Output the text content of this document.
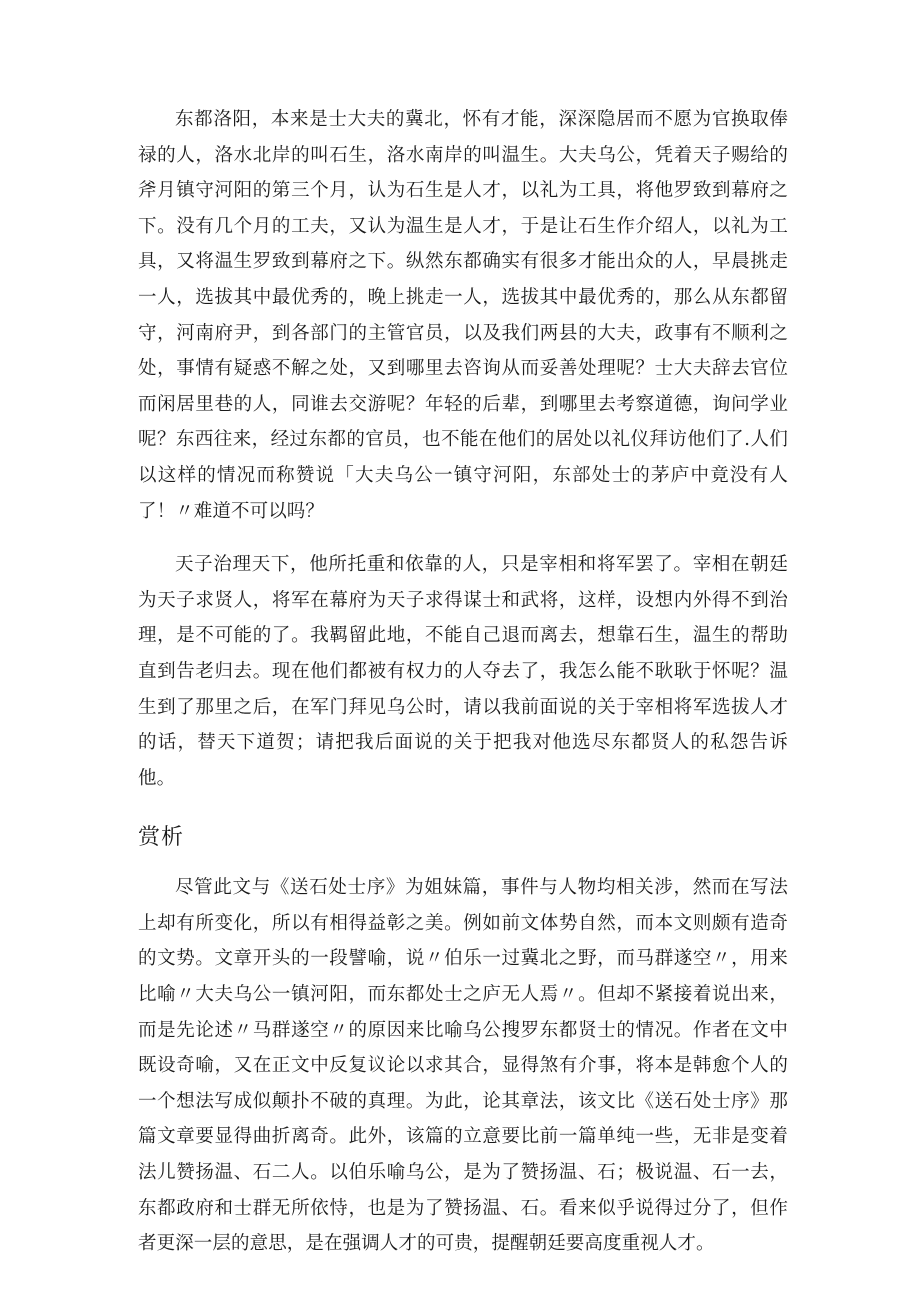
东都洛阳，本来是士大夫的冀北，怀有才能，深深隐居而不愿为官换取俸禄的人，洛水北岸的叫石生，洛水南岸的叫温生。大夫乌公，凭着天子赐给的斧月镇守河阳的第三个月，认为石生是人才，以礼为工具，将他罗致到幕府之下。没有几个月的工夫，又认为温生是人才，于是让石生作介绍人，以礼为工具，又将温生罗致到幕府之下。纵然东都确实有很多才能出众的人，早晨挑走一人，选拔其中最优秀的，晚上挑走一人，选拔其中最优秀的，那么从东都留守，河南府尹，到各部门的主管官员，以及我们两县的大夫，政事有不顺利之处，事情有疑惑不解之处，又到哪里去咨询从而妥善处理呢？士大夫辞去官位而闲居里巷的人，同谁去交游呢？年轻的后辈，到哪里去考察道德，询问学业呢？东西往来，经过东都的官员，也不能在他们的居处以礼仪拜访他们了.人们以这样的情况而称赞说「大夫乌公一镇守河阳，东部处士的茅庐中竟没有人了！〃难道不可以吗？

天子治理天下，他所托重和依靠的人，只是宰相和将军罢了。宰相在朝廷为天子求贤人，将军在幕府为天子求得谋士和武将，这样，设想内外得不到治理，是不可能的了。我羁留此地，不能自己退而离去，想靠石生，温生的帮助直到告老归去。现在他们都被有权力的人夺去了，我怎么能不耿耿于怀呢？温生到了那里之后，在军门拜见乌公时，请以我前面说的关于宰相将军选拔人才的话，替天下道贺；请把我后面说的关于把我对他选尽东都贤人的私怨告诉他。

赏析

尽管此文与《送石处士序》为姐妹篇，事件与人物均相关涉，然而在写法上却有所变化，所以有相得益彰之美。例如前文体势自然，而本文则颇有造奇的文势。文章开头的一段譬喻，说〃伯乐一过冀北之野，而马群遂空〃，用来比喻〃大夫乌公一镇河阳，而东都处士之庐无人焉〃。但却不紧接着说出来，而是先论述〃马群遂空〃的原因来比喻乌公搜罗东都贤士的情况。作者在文中既设奇喻，又在正文中反复议论以求其合，显得煞有介事，将本是韩愈个人的一个想法写成似颠扑不破的真理。为此，论其章法，该文比《送石处士序》那篇文章要显得曲折离奇。此外，该篇的立意要比前一篇单纯一些，无非是变着法儿赞扬温、石二人。以伯乐喻乌公，是为了赞扬温、石；极说温、石一去，东都政府和士群无所依恃，也是为了赞扬温、石。看来似乎说得过分了，但作者更深一层的意思，是在强调人才的可贵，提醒朝廷要高度重视人才。
